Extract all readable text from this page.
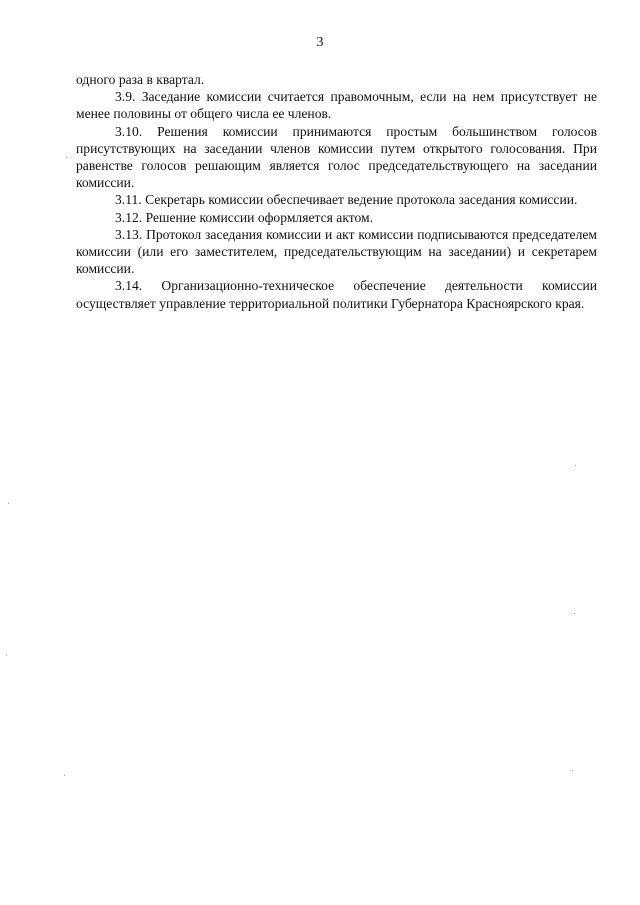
3

одного раза в квартал.

3.9. Заседание комиссии считается правомочным, если на нем присутствует не менее половины от общего числа ее членов.

3.10. Решения комиссии принимаются простым большинством голосов присутствующих на заседании членов комиссии путем открытого голосования. При равенстве голосов решающим является голос председательствующего на заседании комиссии.

3.11. Секретарь комиссии обеспечивает ведение протокола заседания комиссии.

3.12. Решение комиссии оформляется актом.

3.13. Протокол заседания комиссии и акт комиссии подписываются председателем комиссии (или его заместителем, председательствующим на заседании) и секретарем комиссии.

3.14. Организационно-техническое обеспечение деятельности комиссии осуществляет управление территориальной политики Губернатора Красноярского края.
